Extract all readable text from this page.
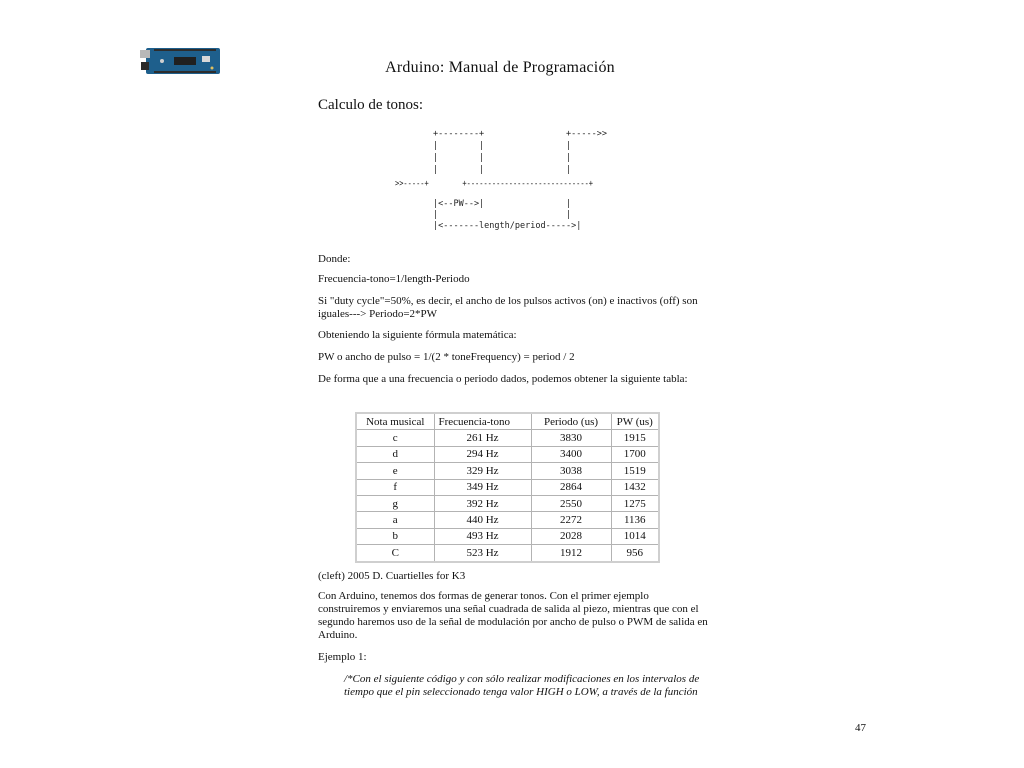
Arduino: Manual de Programación
Calculo de tonos:
+--------+                +----->>
|        |                |
|        |                |
|        |                |
>>-----+        +-----------------------------+
|<--PW-->|                |
|                         |
|<-------length/period----->|

Donde:

Frecuencia-tono=1/length-Periodo

Si "duty cycle"=50%, es decir, el ancho de los pulsos activos (on) e inactivos (off) son iguales---> Periodo=2*PW

Obteniendo la siguiente fórmula matemática:

PW o ancho de pulso = 1/(2 * toneFrequency) = period / 2

De forma que a una frecuencia o periodo dados, podemos obtener la siguiente tabla:

Nota musical	Frecuencia-tono	Periodo (us)	PW (us)
c	261 Hz	3830	1915
d	294 Hz	3400	1700
e	329 Hz	3038	1519
f	349 Hz	2864	1432
g	392 Hz	2550	1275
a	440 Hz	2272	1136
b	493 Hz	2028	1014
C	523 Hz	1912	956

(cleft) 2005 D. Cuartielles for K3

Con Arduino, tenemos dos formas de generar tonos. Con el primer ejemplo construiremos y enviaremos una señal cuadrada de salida al piezo, mientras que con el segundo haremos uso de la señal de modulación por ancho de pulso o PWM de salida en Arduino.

Ejemplo 1:

/*Con el siguiente código y con sólo realizar modificaciones en los intervalos de tiempo que el pin seleccionado tenga valor HIGH o LOW, a través de la función

47
